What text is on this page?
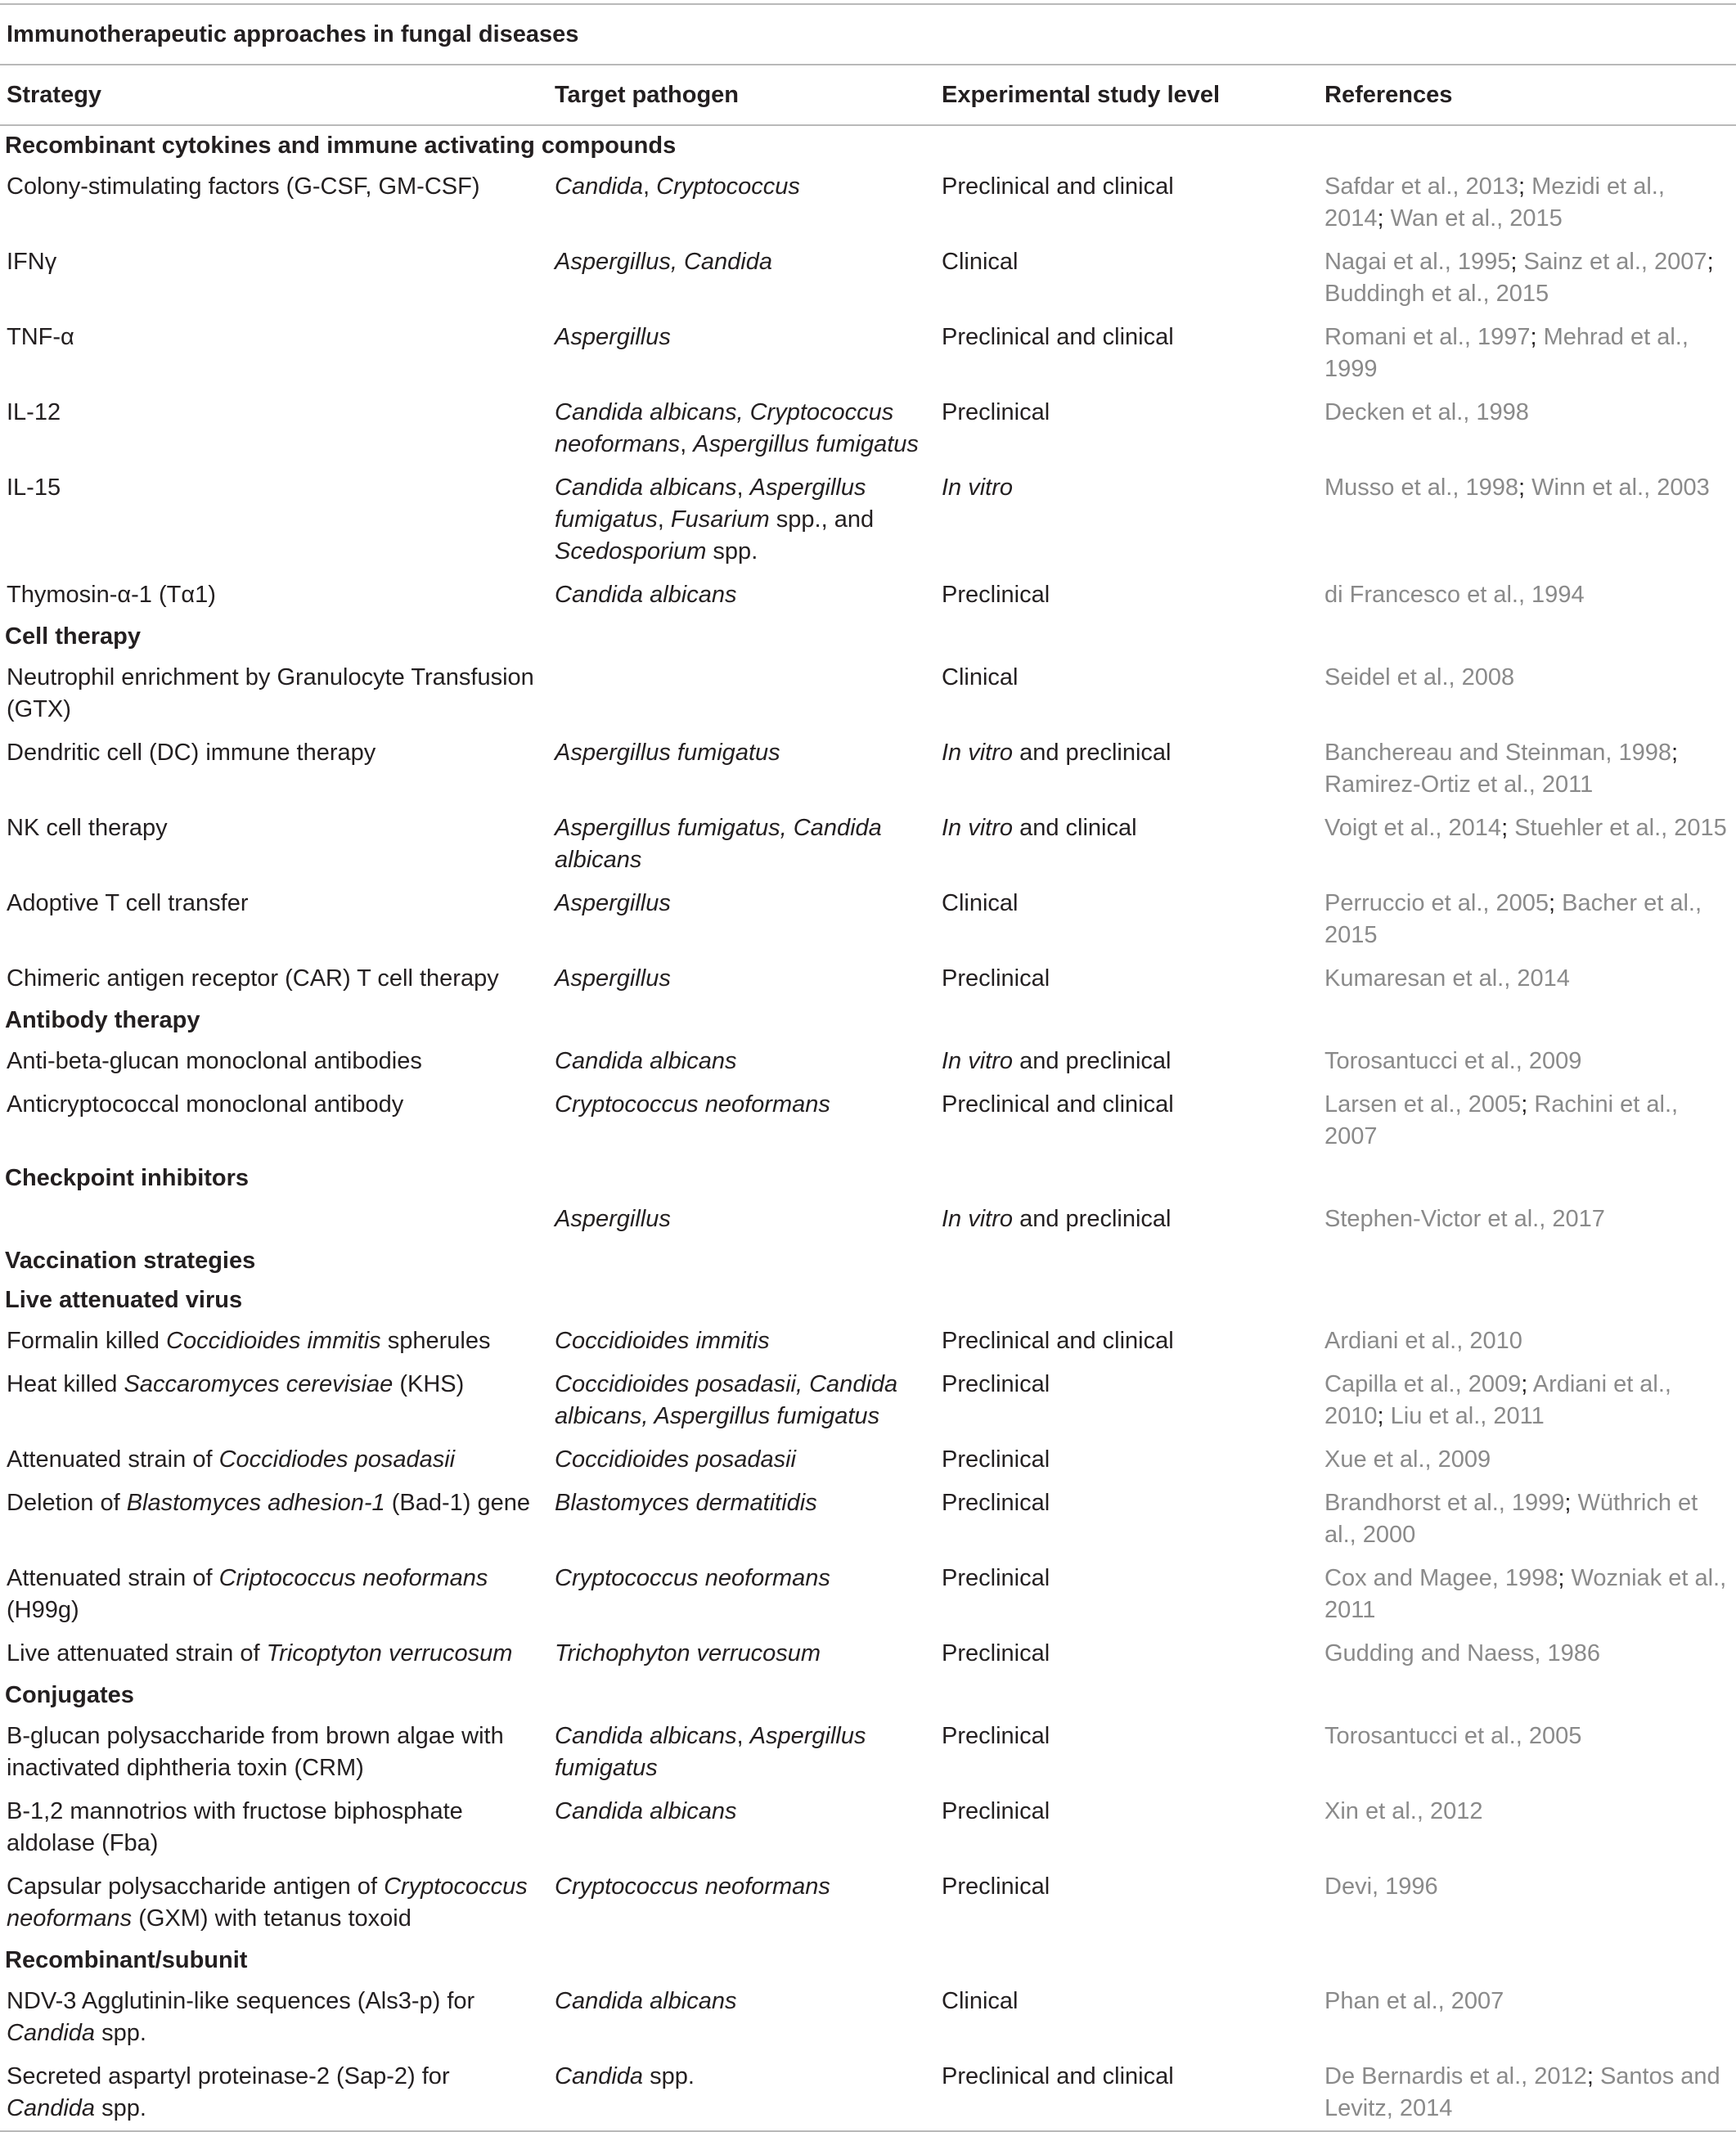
Immunotherapeutic approaches in fungal diseases
Strategy	Target pathogen	Experimental study level	References
Recombinant cytokines and immune activating compounds			
Colony-stimulating factors (G-CSF, GM-CSF)	Candida, Cryptococcus	Preclinical and clinical	Safdar et al., 2013; Mezidi et al., 2014; Wan et al., 2015
IFNγ	Aspergillus, Candida	Clinical	Nagai et al., 1995; Sainz et al., 2007; Buddingh et al., 2015
TNF-α	Aspergillus	Preclinical and clinical	Romani et al., 1997; Mehrad et al., 1999
IL-12	Candida albicans, Cryptococcus neoformans, Aspergillus fumigatus	Preclinical	Decken et al., 1998
IL-15	Candida albicans, Aspergillus fumigatus, Fusarium spp., and Scedosporium spp.	In vitro	Musso et al., 1998; Winn et al., 2003
Thymosin-α-1 (Tα1)	Candida albicans	Preclinical	di Francesco et al., 1994
Cell therapy			
Neutrophil enrichment by Granulocyte Transfusion (GTX)		Clinical	Seidel et al., 2008
Dendritic cell (DC) immune therapy	Aspergillus fumigatus	In vitro and preclinical	Banchereau and Steinman, 1998; Ramirez-Ortiz et al., 2011
NK cell therapy	Aspergillus fumigatus, Candida albicans	In vitro and clinical	Voigt et al., 2014; Stuehler et al., 2015
Adoptive T cell transfer	Aspergillus	Clinical	Perruccio et al., 2005; Bacher et al., 2015
Chimeric antigen receptor (CAR) T cell therapy	Aspergillus	Preclinical	Kumaresan et al., 2014
Antibody therapy			
Anti-beta-glucan monoclonal antibodies	Candida albicans	In vitro and preclinical	Torosantucci et al., 2009
Anticryptococcal monoclonal antibody	Cryptococcus neoformans	Preclinical and clinical	Larsen et al., 2005; Rachini et al., 2007
Checkpoint inhibitors			
	Aspergillus	In vitro and preclinical	Stephen-Victor et al., 2017
Vaccination strategies			
Live attenuated virus			
Formalin killed Coccidioides immitis spherules	Coccidioides immitis	Preclinical and clinical	Ardiani et al., 2010
Heat killed Saccaromyces cerevisiae (KHS)	Coccidioides posadasii, Candida albicans, Aspergillus fumigatus	Preclinical	Capilla et al., 2009; Ardiani et al., 2010; Liu et al., 2011
Attenuated strain of Coccidiodes posadasii	Coccidioides posadasii	Preclinical	Xue et al., 2009
Deletion of Blastomyces adhesion-1 (Bad-1) gene	Blastomyces dermatitidis	Preclinical	Brandhorst et al., 1999; Wüthrich et al., 2000
Attenuated strain of Criptococcus neoformans (H99g)	Cryptococcus neoformans	Preclinical	Cox and Magee, 1998; Wozniak et al., 2011
Live attenuated strain of Tricoptyton verrucosum	Trichophyton verrucosum	Preclinical	Gudding and Naess, 1986
Conjugates			
B-glucan polysaccharide from brown algae with inactivated diphtheria toxin (CRM)	Candida albicans, Aspergillus fumigatus	Preclinical	Torosantucci et al., 2005
B-1,2 mannotrios with fructose biphosphate aldolase (Fba)	Candida albicans	Preclinical	Xin et al., 2012
Capsular polysaccharide antigen of Cryptococcus neoformans (GXM) with tetanus toxoid	Cryptococcus neoformans	Preclinical	Devi, 1996
Recombinant/subunit			
NDV-3 Agglutinin-like sequences (Als3-p) for Candida spp.	Candida albicans	Clinical	Phan et al., 2007
Secreted aspartyl proteinase-2 (Sap-2) for Candida spp.	Candida spp.	Preclinical and clinical	De Bernardis et al., 2012; Santos and Levitz, 2014
